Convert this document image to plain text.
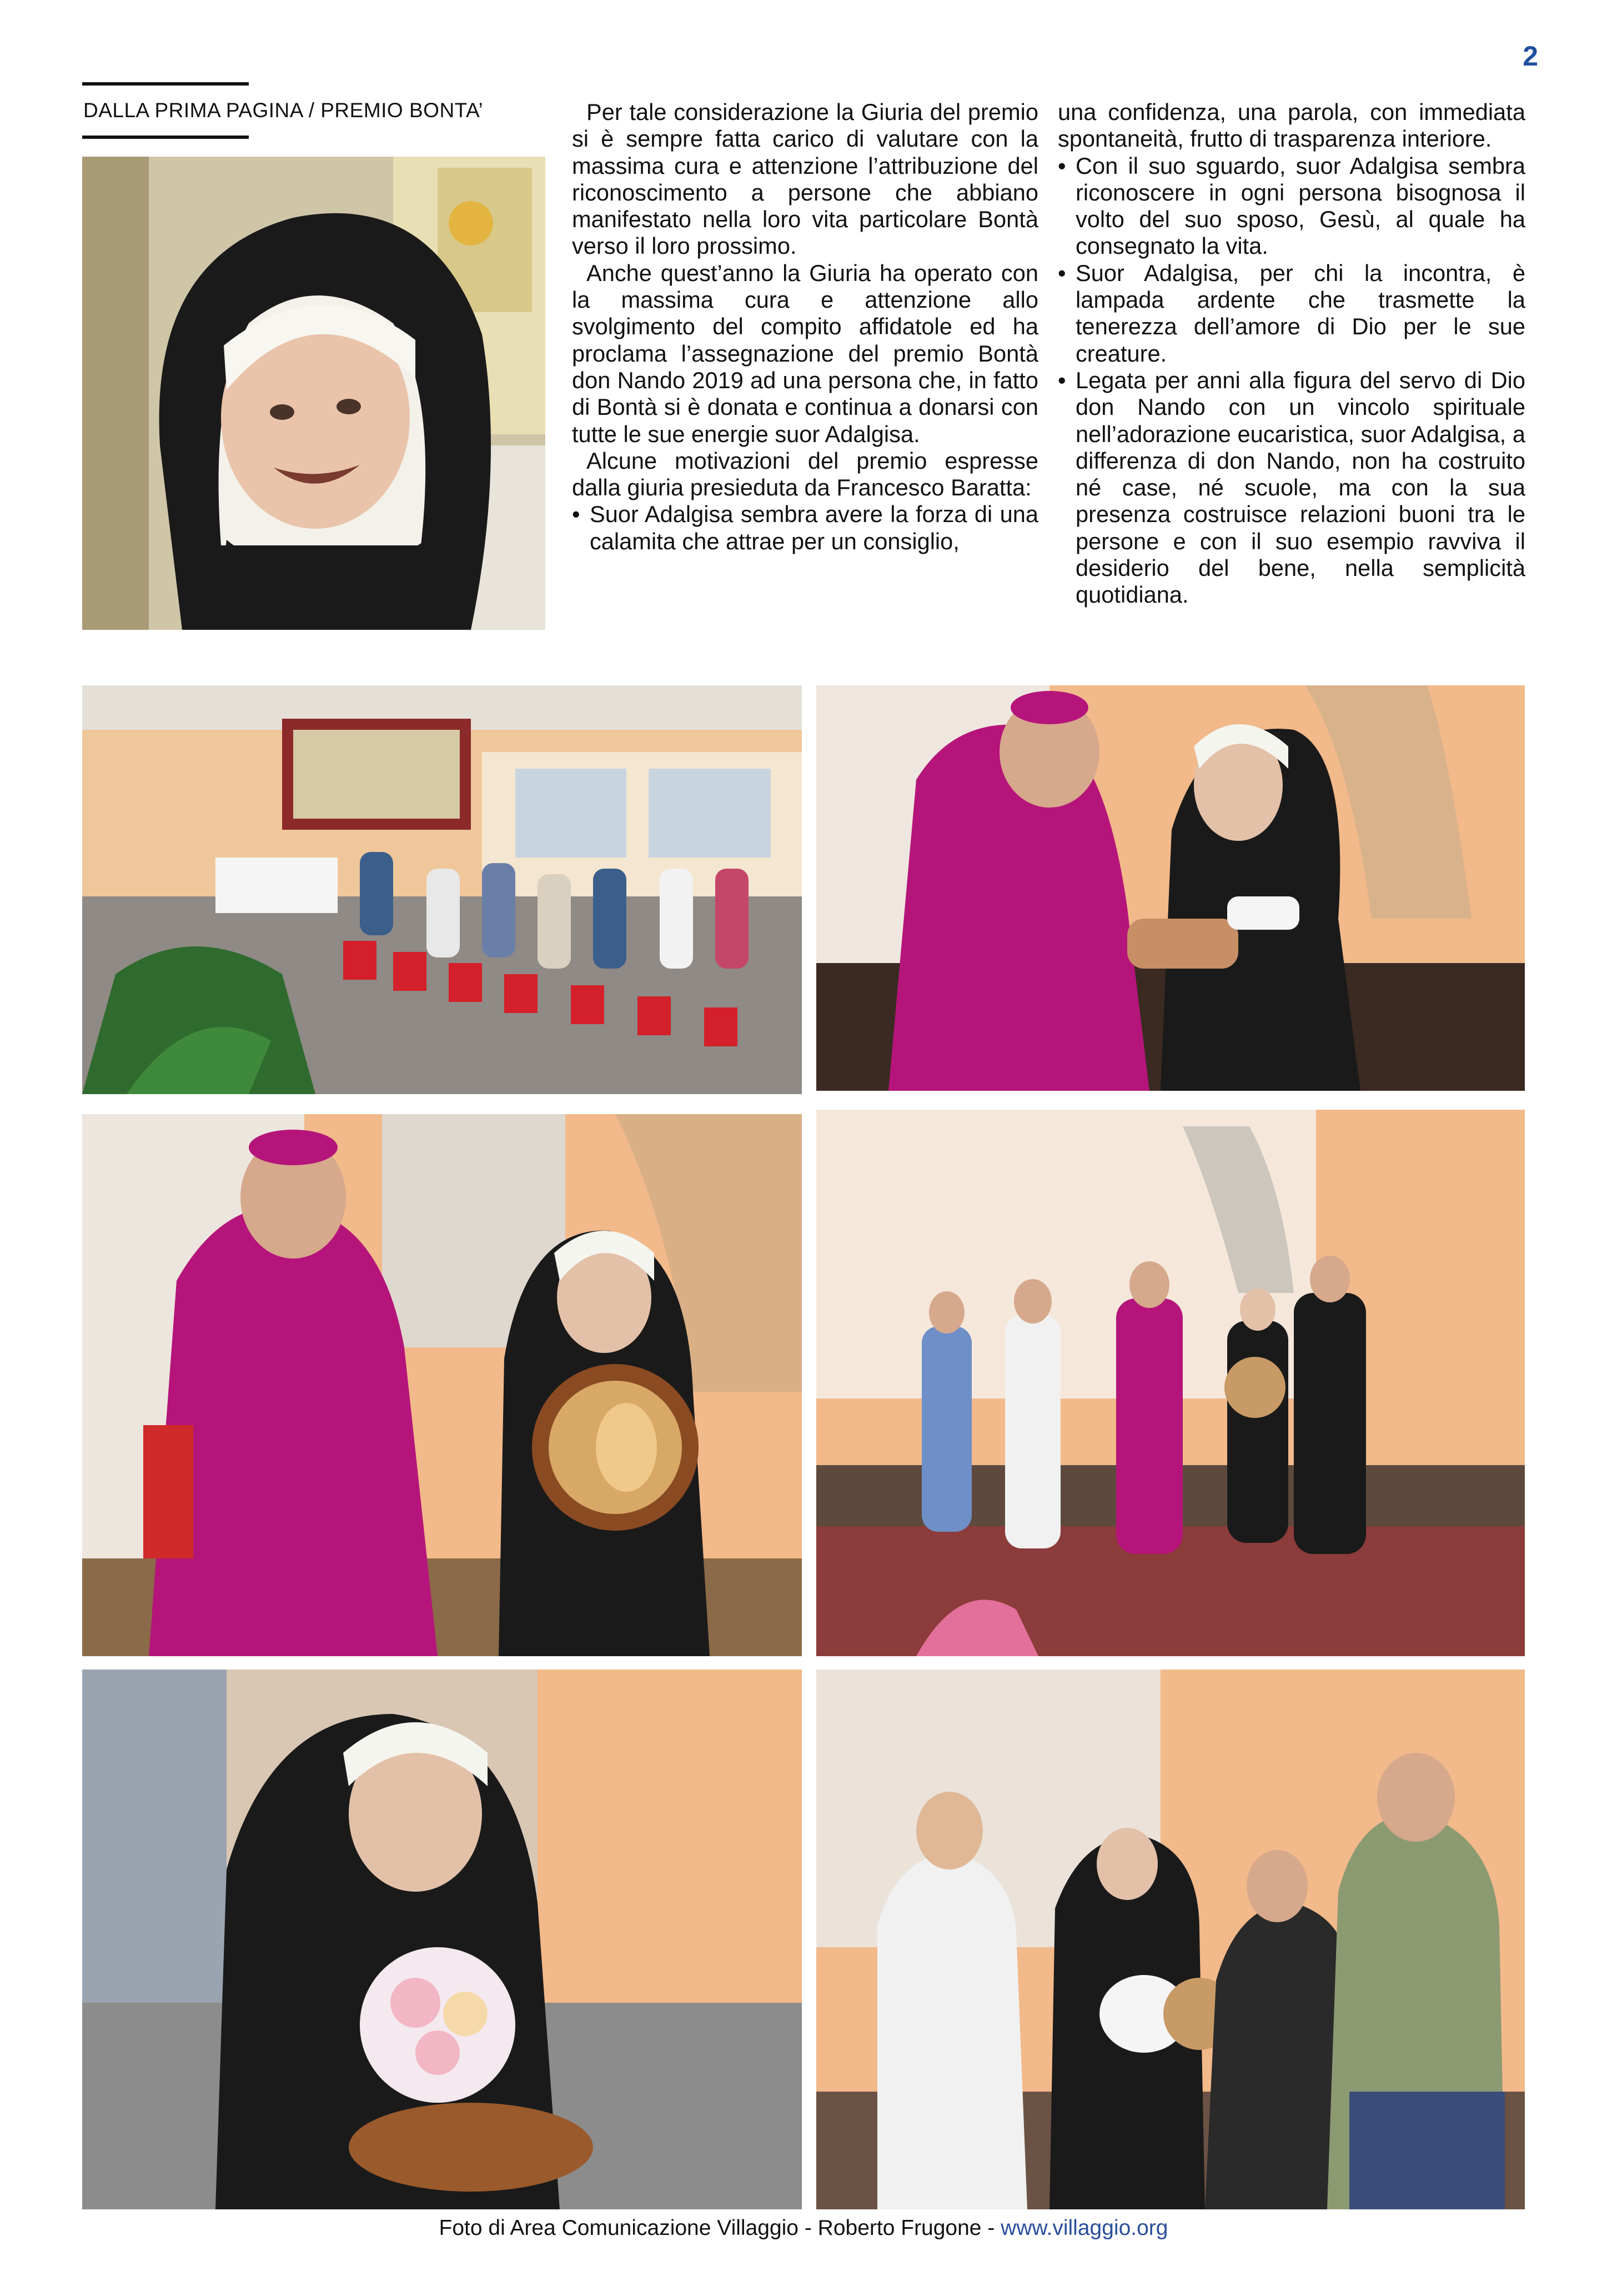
2
DALLA PRIMA PAGINA / PREMIO BONTA’	Per tale considerazione la Giuria del premio si è sempre fatta carico di valutare con la massima cura e attenzione l’attribuzione del riconoscimento a persone che abbiano manifestato nella loro vita particolare Bontà verso il loro prossimo.

Anche quest’anno la Giuria ha operato con la massima cura e attenzione allo svolgimento del compito affidatole ed ha proclama l’assegnazione del premio Bontà don Nando 2019 ad una persona che, in fatto di Bontà si è donata e continua a donarsi con tutte le sue energie suor Adalgisa.

Alcune motivazioni del premio espresse dalla giuria presieduta da Francesco Baratta:

• Suor Adalgisa sembra avere la forza di una calamita che attrae per un consiglio,

una confidenza, una parola, con immediata spontaneità, frutto di trasparenza interiore.

• Con il suo sguardo, suor Adalgisa sembra riconoscere in ogni persona bisognosa il volto del suo sposo, Gesù, al quale ha consegnato la vita.
• Suor Adalgisa, per chi la incontra, è lampada ardente che trasmette la tenerezza dell’amore di Dio per le sue creature.
• Legata per anni alla figura del servo di Dio don Nando con un vincolo spirituale nell’adorazione eucaristica, suor Adalgisa, a differenza di don Nando, non ha costruito né case, né scuole, ma con la sua presenza costruisce relazioni buoni tra le persone e con il suo esempio ravviva il desiderio del bene, nella semplicità quotidiana.
Foto di Area Comunicazione Villaggio - Roberto Frugone - www.villaggio.org
